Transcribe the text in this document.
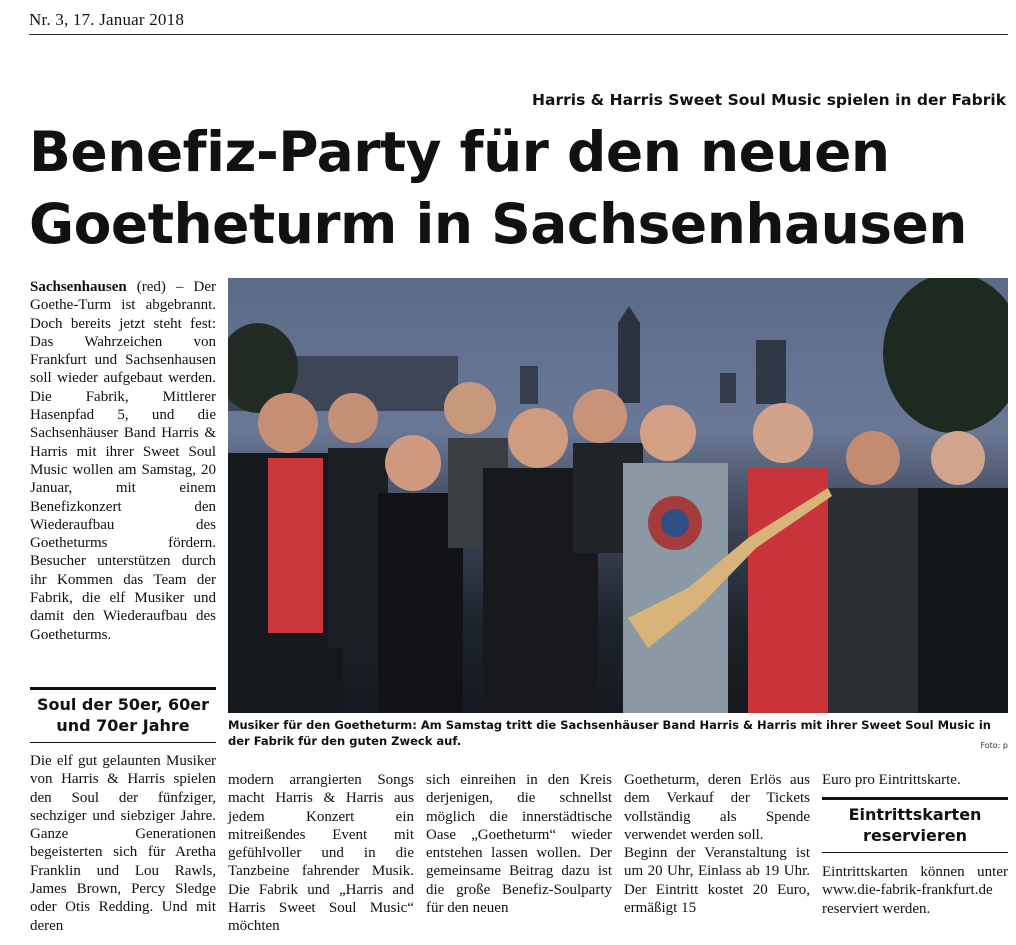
Nr. 3, 17. Januar 2018
Harris & Harris Sweet Soul Music spielen in der Fabrik
Benefiz-Party für den neuen
Goetheturm in Sachsenhausen

Sachsenhausen (red) – Der Goethe-Turm ist abgebrannt. Doch bereits jetzt steht fest: Das Wahrzeichen von Frankfurt und Sachsenhausen soll wieder aufgebaut werden. Die Fabrik, Mittlerer Hasenpfad 5, und die Sachsenhäuser Band Harris & Harris mit ihrer Sweet Soul Music wollen am Samstag, 20 Januar, mit einem Benefizkonzert den Wiederaufbau des Goetheturms fördern. Besucher unterstützen durch ihr Kommen das Team der Fabrik, die elf Musiker und damit den Wiederaufbau des Goetheturms.

Soul der 50er, 60er
und 70er Jahre

Die elf gut gelaunten Musiker von Harris & Harris spielen den Soul der fünfziger, sechziger und siebziger Jahre. Ganze Generationen begeisterten sich für Aretha Franklin und Lou Rawls, James Brown, Percy Sledge oder Otis Redding. Und mit deren

modern arrangierten Songs macht Harris & Harris aus jedem Konzert ein mitreißendes Event mit gefühlvoller und in die Tanzbeine fahrender Musik. Die Fabrik und „Harris and Harris Sweet Soul Music“ möchten

sich einreihen in den Kreis derjenigen, die schnellst möglich die innerstädtische Oase „Goetheturm“ wieder entstehen lassen wollen. Der gemeinsame Beitrag dazu ist die große Benefiz-Soulparty für den neuen

Goetheturm, deren Erlös aus dem Verkauf der Tickets vollständig als Spende verwendet werden soll.

Beginn der Veranstaltung ist um 20 Uhr, Einlass ab 19 Uhr. Der Eintritt kostet 20 Euro, ermäßigt 15

Euro pro Eintrittskarte.

Eintrittskarten
reservieren

Eintrittskarten können unter www.die-fabrik-frankfurt.de reserviert werden.

Musiker für den Goetheturm: Am Samstag tritt die Sachsenhäuser Band Harris & Harris mit ihrer Sweet Soul Music in der Fabrik für den guten Zweck auf.	Foto: p
